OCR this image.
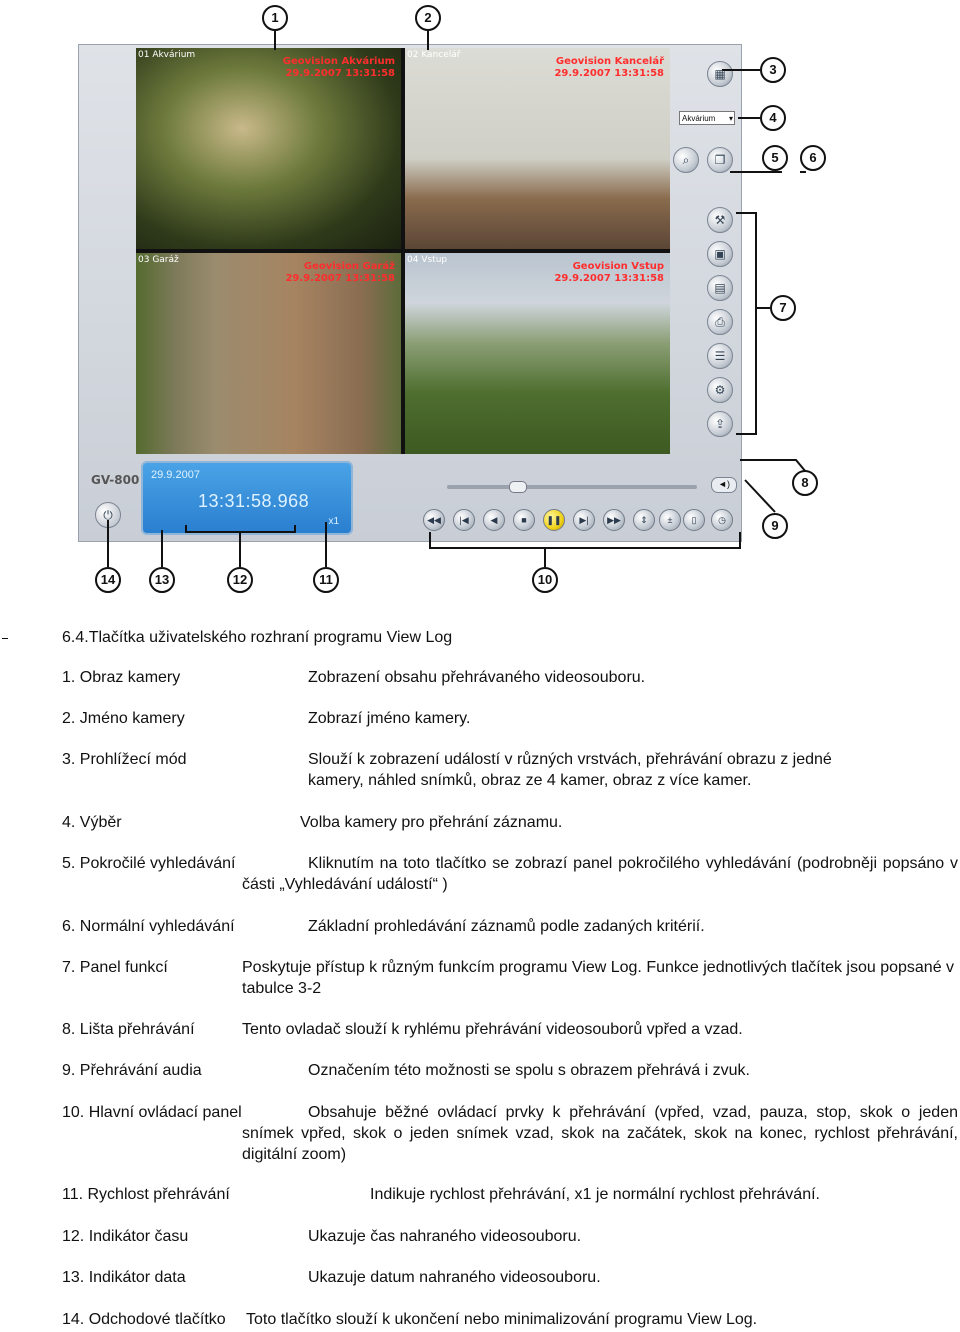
GV-800
⏻
29.9.2007
13:31:58.968
x1
Akvárium ▾
▦
⌕	❐
⚒
▣
▤
⎙
☰
⚙
⇪
◄)
◀◀	|◀	◀	■	❚❚	▶|	▶▶	⇕	±	▯	◷
01 Akvárium
Geovision Akvárium
29.9.2007 13:31:58
02 Kancelář
Geovision Kancelář
29.9.2007 13:31:58
03 Garáž
Geovision Garáž
29.9.2007 13:31:58
04 Vstup
Geovision Vstup
29.9.2007 13:31:58
1	2
3
4
5	6
7
8
9
10
11
12
13
14
6.4.Tlačítka uživatelského rozhraní programu View Log
1. Obraz kamery	Zobrazení obsahu přehrávaného videosouboru.
2. Jméno kamery	Zobrazí jméno kamery.
3. Prohlížecí mód	Slouží k zobrazení událostí v různých vrstvách, přehrávání obrazu z jedné kamery, náhled snímků, obraz ze 4 kamer, obraz z více kamer.
4. Výběr	Volba kamery pro přehrání záznamu.
5. Pokročilé vyhledávání	Kliknutím na toto tlačítko se zobrazí panel pokročilého vyhledávání (podrobněji popsáno v části „Vyhledávání událostí“ )
6. Normální vyhledávání	Základní prohledávání záznamů podle zadaných kritérií.
7. Panel funkcí	Poskytuje přístup k různým funkcím programu View Log. Funkce jednotlivých tlačítek jsou popsané v tabulce 3-2
8. Lišta přehrávání	Tento ovladač slouží k ryhlému přehrávání videosouborů vpřed a vzad.
9. Přehrávání audia	Označením této možnosti se spolu s obrazem přehrává i zvuk.
10. Hlavní ovládací panel	Obsahuje běžné ovládací prvky k přehrávání (vpřed, vzad, pauza, stop, skok o jeden snímek vpřed, skok o jeden snímek vzad, skok na začátek, skok na konec, rychlost přehrávání, digitální zoom)
11. Rychlost přehrávání	Indikuje rychlost přehrávání, x1 je normální rychlost přehrávání.
12. Indikátor času	Ukazuje čas nahraného videosouboru.
13. Indikátor data	Ukazuje datum nahraného videosouboru.
14. Odchodové tlačítko Toto tlačítko slouží k ukončení nebo minimalizování programu View Log.
